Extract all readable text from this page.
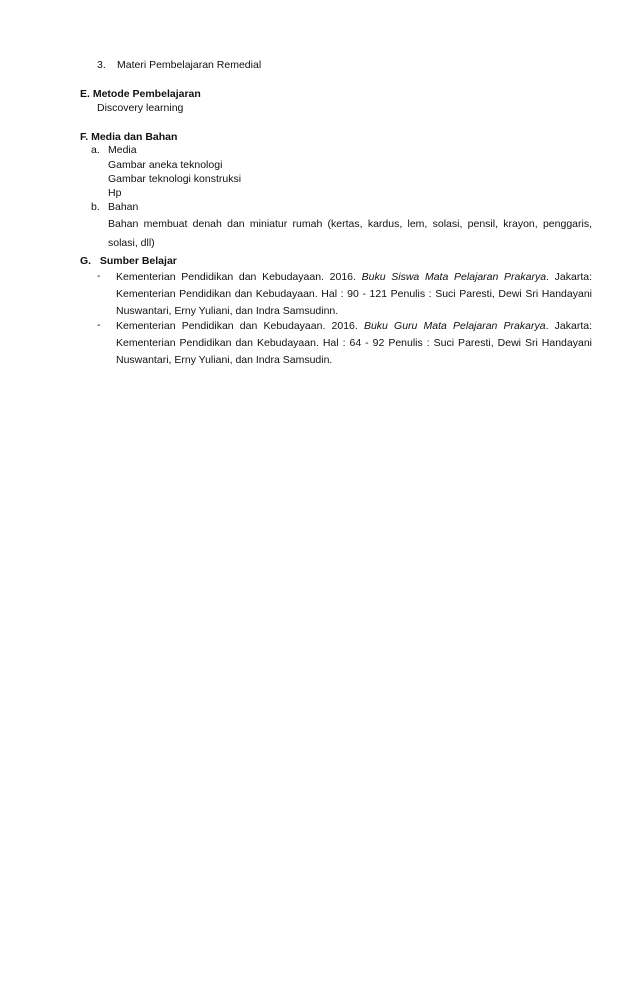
3. Materi Pembelajaran Remedial
E. Metode Pembelajaran
Discovery learning
F. Media dan Bahan
a. Media
Gambar aneka teknologi
Gambar teknologi konstruksi
Hp
b. Bahan
Bahan membuat denah dan miniatur rumah (kertas, kardus, lem, solasi, pensil, krayon, penggaris, solasi, dll)
G.   Sumber Belajar
- Kementerian Pendidikan dan Kebudayaan. 2016. Buku Siswa Mata Pelajaran Prakarya. Jakarta: Kementerian Pendidikan dan Kebudayaan. Hal : 90 - 121 Penulis : Suci Paresti, Dewi Sri Handayani Nuswantari, Erny Yuliani, dan Indra Samsudinn.
- Kementerian Pendidikan dan Kebudayaan. 2016. Buku Guru Mata Pelajaran Prakarya. Jakarta: Kementerian Pendidikan dan Kebudayaan. Hal : 64 - 92 Penulis : Suci Paresti, Dewi Sri Handayani Nuswantari, Erny Yuliani, dan Indra Samsudin.
